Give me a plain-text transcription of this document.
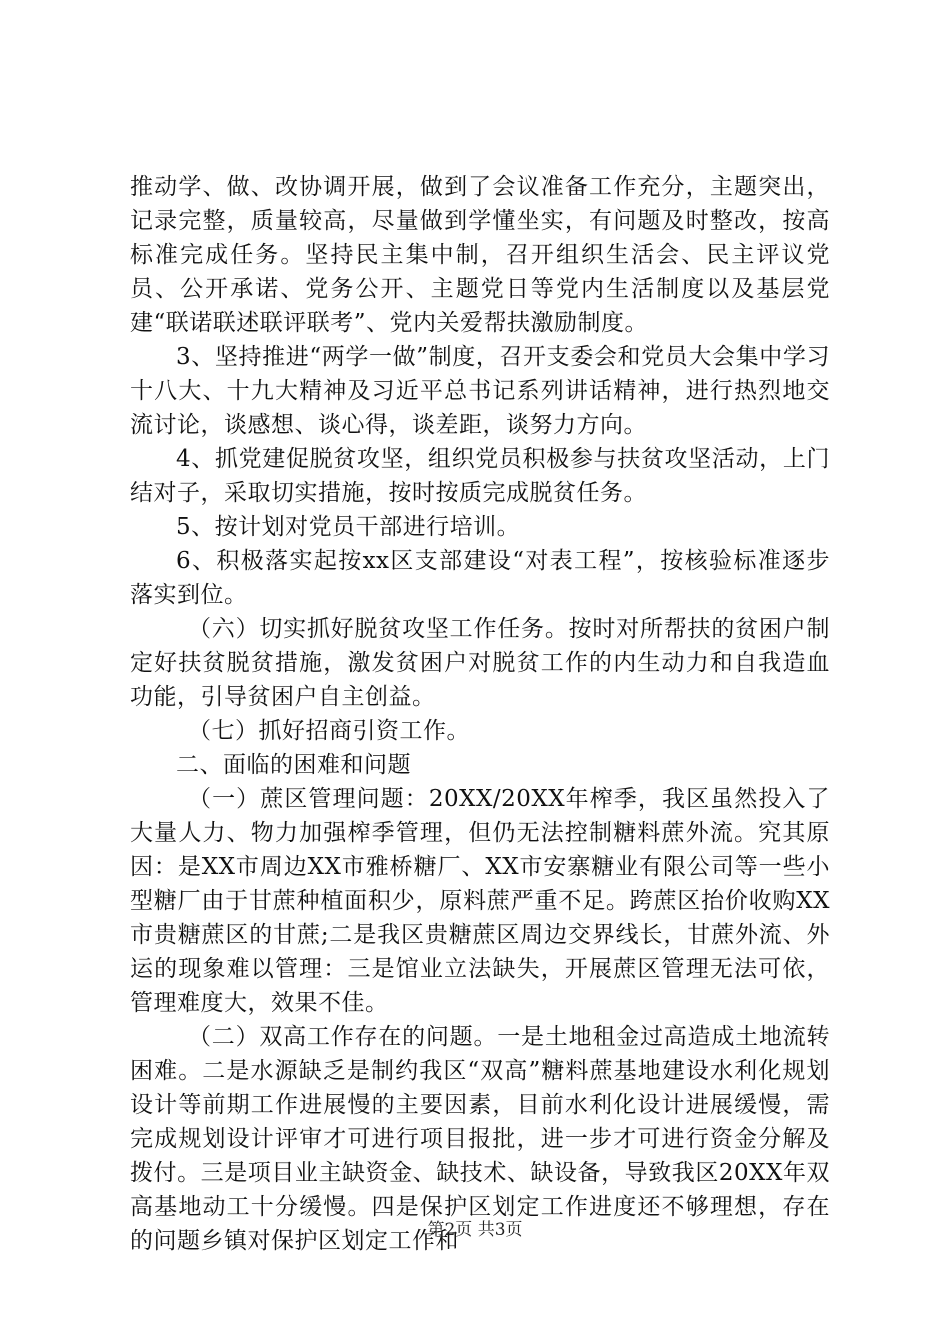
推动学、做、改协调开展，做到了会议准备工作充分，主题突出，记录完整，质量较高，尽量做到学懂坐实，有问题及时整改，按高标准完成任务。坚持民主集中制，召开组织生活会、民主评议党员、公开承诺、党务公开、主题党日等党内生活制度以及基层党建“联诺联述联评联考”、党内关爱帮扶激励制度。

3、坚持推进“两学一做”制度，召开支委会和党员大会集中学习十八大、十九大精神及习近平总书记系列讲话精神，进行热烈地交流讨论，谈感想、谈心得，谈差距，谈努力方向。

4、抓党建促脱贫攻坚，组织党员积极参与扶贫攻坚活动，上门结对子，采取切实措施，按时按质完成脱贫任务。

5、按计划对党员干部进行培训。

6、积极落实起按xx区支部建设“对表工程”，按核验标准逐步落实到位。

（六）切实抓好脱贫攻坚工作任务。按时对所帮扶的贫困户制定好扶贫脱贫措施，激发贫困户对脱贫工作的内生动力和自我造血功能，引导贫困户自主创益。

（七）抓好招商引资工作。

二、面临的困难和问题

（一）蔗区管理问题：20XX/20XX年榨季，我区虽然投入了大量人力、物力加强榨季管理，但仍无法控制糖料蔗外流。究其原因：是XX市周边XX市雅桥糖厂、XX市安寨糖业有限公司等一些小型糖厂由于甘蔗种植面积少，原料蔗严重不足。跨蔗区抬价收购XX市贵糖蔗区的甘蔗;二是我区贵糖蔗区周边交界线长，甘蔗外流、外运的现象难以管理：三是馆业立法缺失，开展蔗区管理无法可依，管理难度大，效果不佳。

（二）双高工作存在的问题。一是土地租金过高造成土地流转困难。二是水源缺乏是制约我区“双高”糖料蔗基地建设水利化规划设计等前期工作进展慢的主要因素，目前水利化设计进展缓慢，需完成规划设计评审才可进行项目报批，进一步才可进行资金分解及拨付。三是项目业主缺资金、缺技术、缺设备，导致我区20XX年双高基地动工十分缓慢。四是保护区划定工作进度还不够理想，存在的问题乡镇对保护区划定工作和

第2页 共3页
